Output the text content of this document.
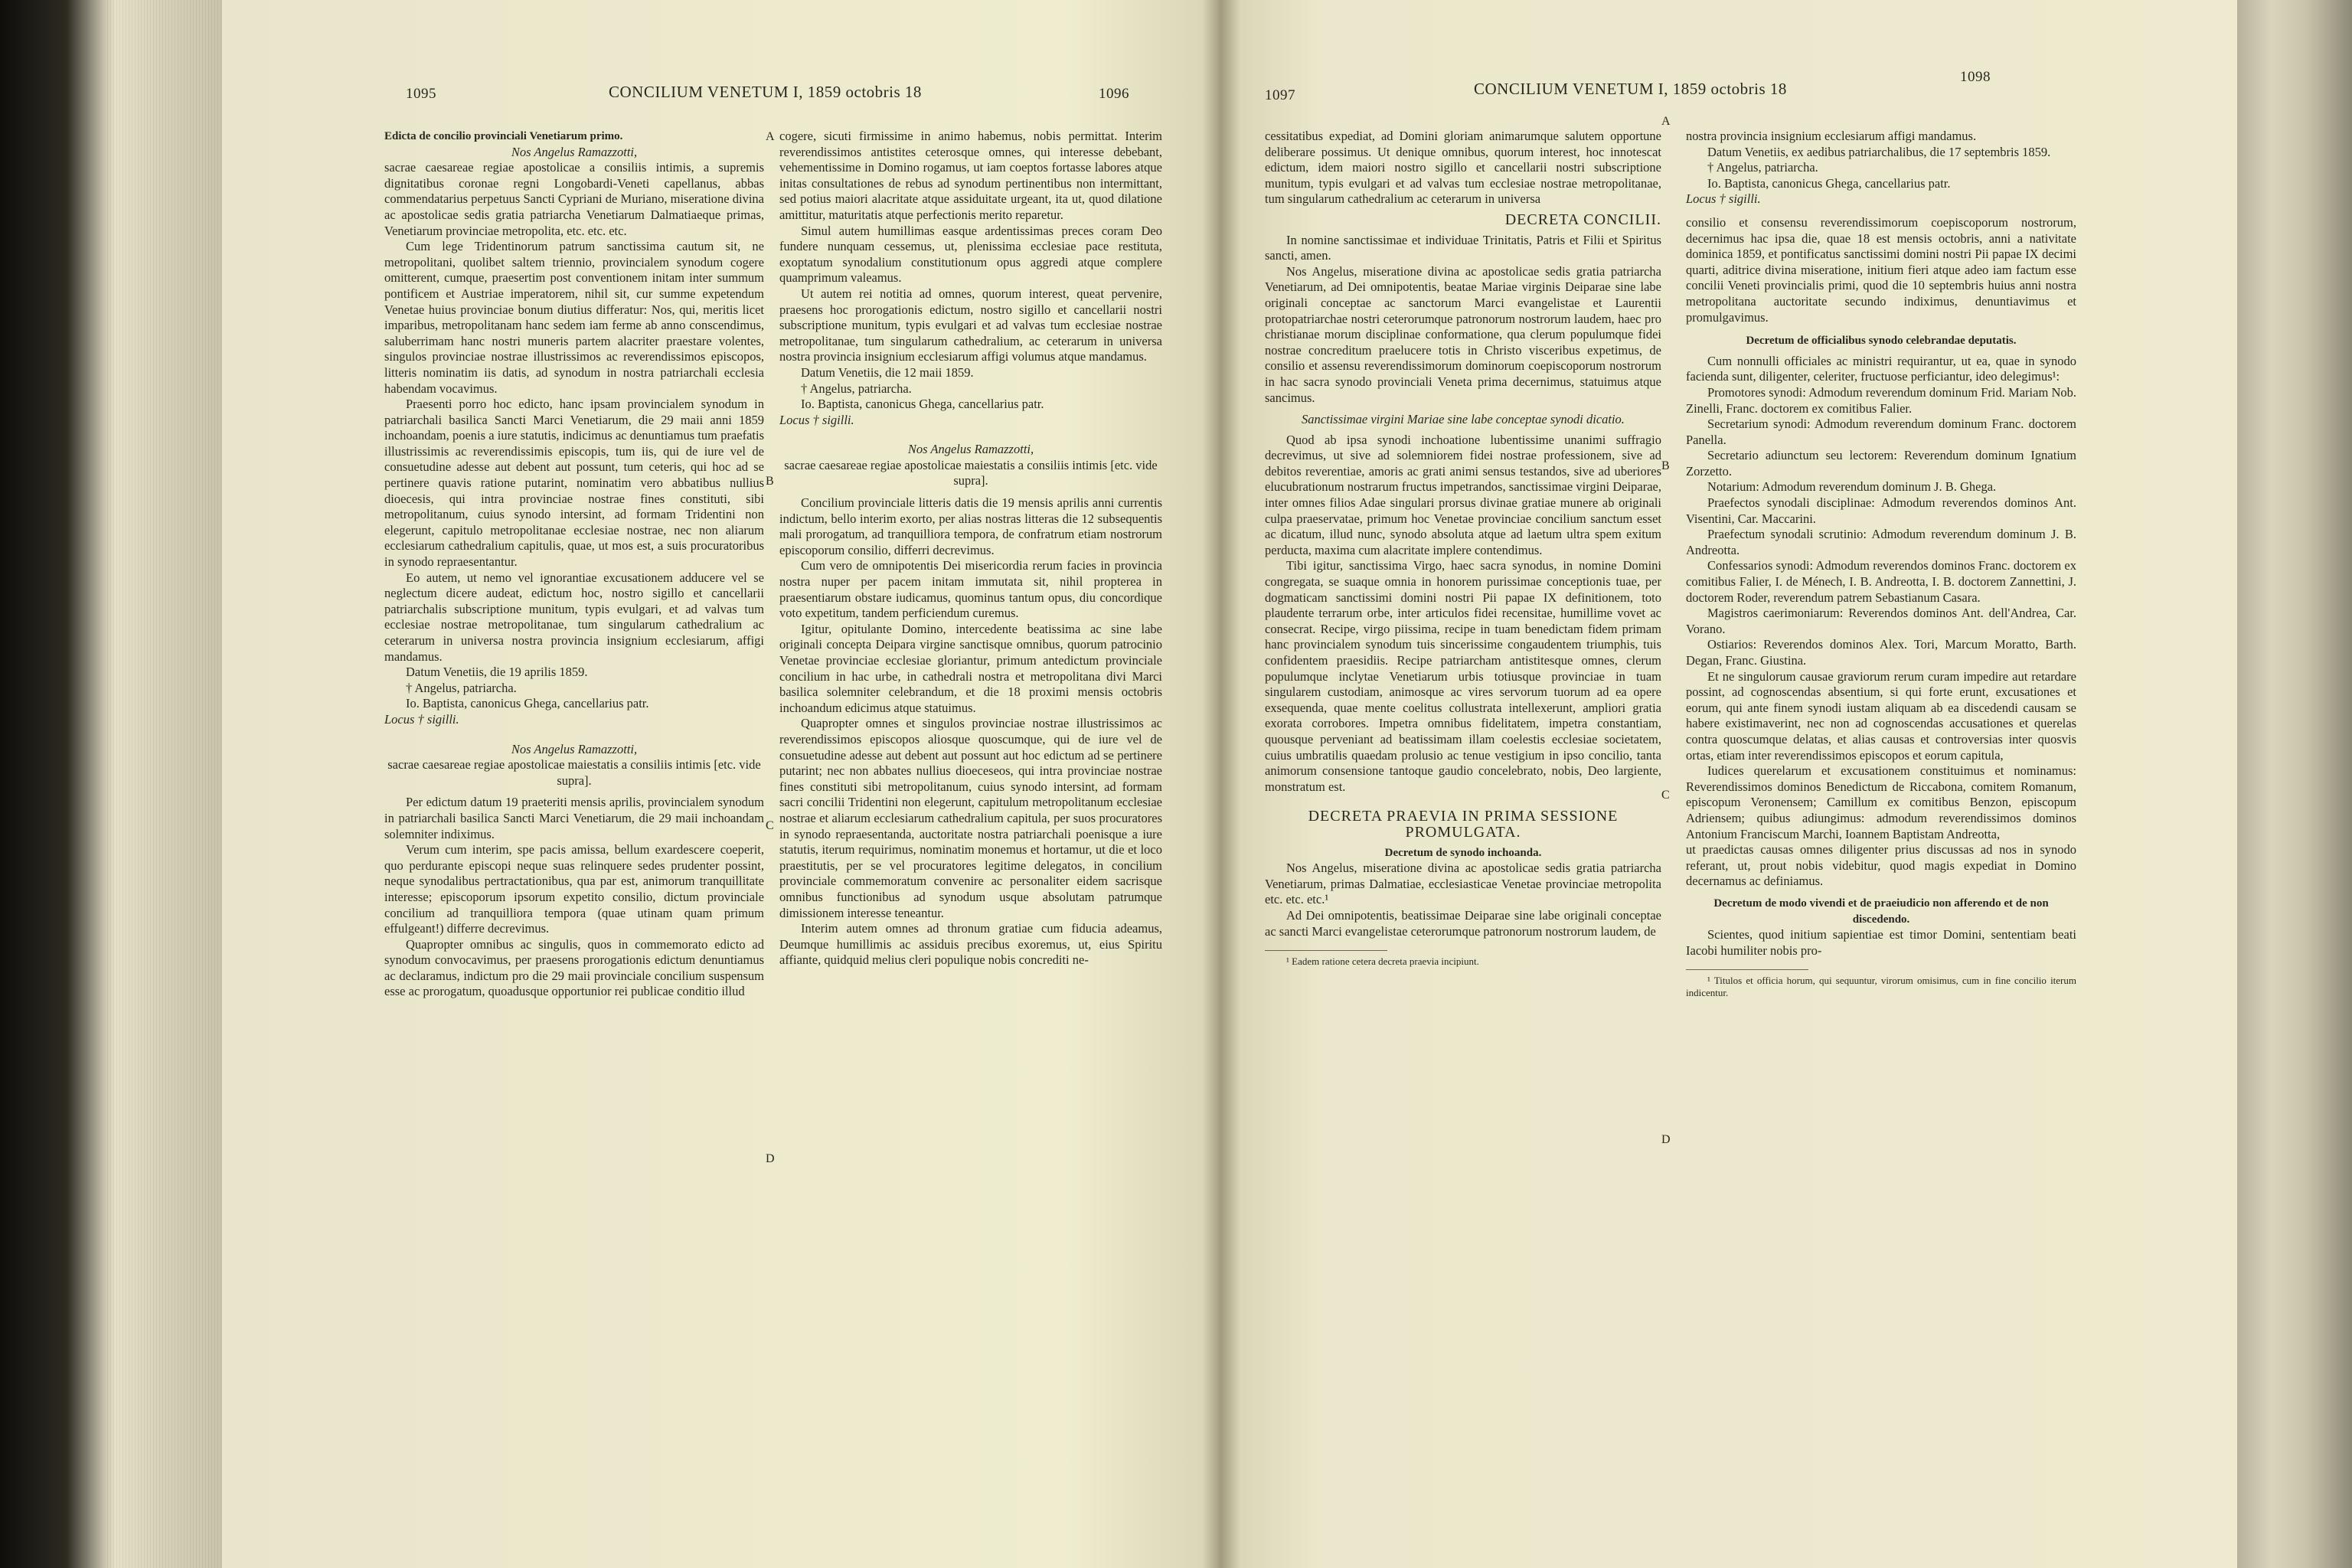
1095	CONCILIUM VENETUM I, 1859 octobris 18	1096

Edicta de concilio provinciali Venetiarum primo.

Nos Angelus Ramazzotti,

sacrae caesareae regiae apostolicae a consiliis intimis, a supremis dignitatibus coronae regni Longobardi-Veneti capellanus, abbas commendatarius perpetuus Sancti Cypriani de Muriano, miseratione divina ac apostolicae sedis gratia patriarcha Venetiarum Dalmatiaeque primas, Venetiarum provinciae metropolita, etc. etc. etc.

Cum lege Tridentinorum patrum sanctissima cautum sit, ne metropolitani, quolibet saltem triennio, provincialem synodum cogere omitterent, cumque, praesertim post conventionem initam inter summum pontificem et Austriae imperatorem, nihil sit, cur summe expetendum Venetae huius provinciae bonum diutius differatur: Nos, qui, meritis licet imparibus, metropolitanam hanc sedem iam ferme ab anno conscendimus, saluberrimam hanc nostri muneris partem alacriter praestare volentes, singulos provinciae nostrae illustrissimos ac reverendissimos episcopos, litteris nominatim iis datis, ad synodum in nostra patriarchali ecclesia habendam vocavimus.

Praesenti porro hoc edicto, hanc ipsam provincialem synodum in patriarchali basilica Sancti Marci Venetiarum, die 29 maii anni 1859 inchoandam, poenis a iure statutis, indicimus ac denuntiamus tum praefatis illustrissimis ac reverendissimis episcopis, tum iis, qui de iure vel de consuetudine adesse aut debent aut possunt, tum ceteris, qui hoc ad se pertinere quavis ratione putarint, nominatim vero abbatibus nullius dioecesis, qui intra provinciae nostrae fines constituti, sibi metropolitanum, cuius synodo intersint, ad formam Tridentini non elegerunt, capitulo metropolitanae ecclesiae nostrae, nec non aliarum ecclesiarum cathedralium capitulis, quae, ut mos est, a suis procuratoribus in synodo repraesentantur.

Eo autem, ut nemo vel ignorantiae excusationem adducere vel se neglectum dicere audeat, edictum hoc, nostro sigillo et cancellarii patriarchalis subscriptione munitum, typis evulgari, et ad valvas tum ecclesiae nostrae metropolitanae, tum singularum cathedralium ac ceterarum in universa nostra provincia insignium ecclesiarum, affigi mandamus.

Datum Venetiis, die 19 aprilis 1859.

† Angelus, patriarcha.

Io. Baptista, canonicus Ghega, cancellarius patr.

Locus † sigilli.

Nos Angelus Ramazzotti,

sacrae caesareae regiae apostolicae maiestatis a consiliis intimis [etc. vide supra].

Per edictum datum 19 praeteriti mensis aprilis, provincialem synodum in patriarchali basilica Sancti Marci Venetiarum, die 29 maii inchoandam solemniter indiximus.

Verum cum interim, spe pacis amissa, bellum exardescere coeperit, quo perdurante episcopi neque suas relinquere sedes prudenter possint, neque synodalibus pertractationibus, qua par est, animorum tranquillitate interesse; episcoporum ipsorum expetito consilio, dictum provinciale concilium ad tranquilliora tempora (quae utinam quam primum effulgeant!) differre decrevimus.

Quapropter omnibus ac singulis, quos in commemorato edicto ad synodum convocavimus, per praesens prorogationis edictum denuntiamus ac declaramus, indictum pro die 29 maii provinciale concilium suspensum esse ac prorogatum, quoadusque opportunior rei publicae conditio illud

A
B
C
D

cogere, sicuti firmissime in animo habemus, nobis permittat. Interim reverendissimos antistites ceterosque omnes, qui interesse debebant, vehementissime in Domino rogamus, ut iam coeptos fortasse labores atque initas consultationes de rebus ad synodum pertinentibus non intermittant, sed potius maiori alacritate atque assiduitate urgeant, ita ut, quod dilatione amittitur, maturitatis atque perfectionis merito reparetur.

Simul autem humillimas easque ardentissimas preces coram Deo fundere nunquam cessemus, ut, plenissima ecclesiae pace restituta, exoptatum synodalium constitutionum opus aggredi atque complere quamprimum valeamus.

Ut autem rei notitia ad omnes, quorum interest, queat pervenire, praesens hoc prorogationis edictum, nostro sigillo et cancellarii nostri subscriptione munitum, typis evulgari et ad valvas tum ecclesiae nostrae metropolitanae, tum singularum cathedralium, ac ceterarum in universa nostra provincia insignium ecclesiarum affigi volumus atque mandamus.

Datum Venetiis, die 12 maii 1859.

† Angelus, patriarcha.

Io. Baptista, canonicus Ghega, cancellarius patr.

Locus † sigilli.

Nos Angelus Ramazzotti,

sacrae caesareae regiae apostolicae maiestatis a consiliis intimis [etc. vide supra].

Concilium provinciale litteris datis die 19 mensis aprilis anni currentis indictum, bello interim exorto, per alias nostras litteras die 12 subsequentis mali prorogatum, ad tranquilliora tempora, de confratrum etiam nostrorum episcoporum consilio, differri decrevimus.

Cum vero de omnipotentis Dei misericordia rerum facies in provincia nostra nuper per pacem initam immutata sit, nihil propterea in praesentiarum obstare iudicamus, quominus tantum opus, diu concordique voto expetitum, tandem perficiendum curemus.

Igitur, opitulante Domino, intercedente beatissima ac sine labe originali concepta Deipara virgine sanctisque omnibus, quorum patrocinio Venetae provinciae ecclesiae gloriantur, primum antedictum provinciale concilium in hac urbe, in cathedrali nostra et metropolitana divi Marci basilica solemniter celebrandum, et die 18 proximi mensis octobris inchoandum edicimus atque statuimus.

Quapropter omnes et singulos provinciae nostrae illustrissimos ac reverendissimos episcopos aliosque quoscumque, qui de iure vel de consuetudine adesse aut debent aut possunt aut hoc edictum ad se pertinere putarint; nec non abbates nullius dioeceseos, qui intra provinciae nostrae fines constituti sibi metropolitanum, cuius synodo intersint, ad formam sacri concilii Tridentini non elegerunt, capitulum metropolitanum ecclesiae nostrae et aliarum ecclesiarum cathedralium capitula, per suos procuratores in synodo repraesentanda, auctoritate nostra patriarchali poenisque a iure statutis, iterum requirimus, nominatim monemus et hortamur, ut die et loco praestitutis, per se vel procuratores legitime delegatos, in concilium provinciale commemoratum convenire ac personaliter eidem sacrisque omnibus functionibus ad synodum usque absolutam patrumque dimissionem interesse teneantur.

Interim autem omnes ad thronum gratiae cum fiducia adeamus, Deumque humillimis ac assiduis precibus exoremus, ut, eius Spiritu affiante, quidquid melius cleri populique nobis concrediti ne-

1097	CONCILIUM VENETUM I, 1859 octobris 18
1098

cessitatibus expediat, ad Domini gloriam animarumque salutem opportune deliberare possimus. Ut denique omnibus, quorum interest, hoc innotescat edictum, idem maiori nostro sigillo et cancellarii nostri subscriptione munitum, typis evulgari et ad valvas tum ecclesiae nostrae metropolitanae, tum singularum cathedralium ac ceterarum in universa

DECRETA CONCILII.

In nomine sanctissimae et individuae Trinitatis, Patris et Filii et Spiritus sancti, amen.

Nos Angelus, miseratione divina ac apostolicae sedis gratia patriarcha Venetiarum, ad Dei omnipotentis, beatae Mariae virginis Deiparae sine labe originali conceptae ac sanctorum Marci evangelistae et Laurentii protopatriarchae nostri ceterorumque patronorum nostrorum laudem, haec pro christianae morum disciplinae conformatione, qua clerum populumque fidei nostrae concreditum praelucere totis in Christo visceribus expetimus, de consilio et assensu reverendissimorum dominorum coepiscoporum nostrorum in hac sacra synodo provinciali Veneta prima decernimus, statuimus atque sancimus.

Sanctissimae virgini Mariae sine labe conceptae synodi dicatio.

Quod ab ipsa synodi inchoatione lubentissime unanimi suffragio decrevimus, ut sive ad solemniorem fidei nostrae professionem, sive ad debitos reverentiae, amoris ac grati animi sensus testandos, sive ad uberiores elucubrationum nostrarum fructus impetrandos, sanctissimae virgini Deiparae, inter omnes filios Adae singulari prorsus divinae gratiae munere ab originali culpa praeservatae, primum hoc Venetae provinciae concilium sanctum esset ac dicatum, illud nunc, synodo absoluta atque ad laetum ultra spem exitum perducta, maxima cum alacritate implere contendimus.

Tibi igitur, sanctissima Virgo, haec sacra synodus, in nomine Domini congregata, se suaque omnia in honorem purissimae conceptionis tuae, per dogmaticam sanctissimi domini nostri Pii papae IX definitionem, toto plaudente terrarum orbe, inter articulos fidei recensitae, humillime vovet ac consecrat. Recipe, virgo piissima, recipe in tuam benedictam fidem primam hanc provincialem synodum tuis sincerissime congaudentem triumphis, tuis confidentem praesidiis. Recipe patriarcham antistitesque omnes, clerum populumque inclytae Venetiarum urbis totiusque provinciae in tuam singularem custodiam, animosque ac vires servorum tuorum ad ea opere exsequenda, quae mente coelitus collustrata intellexerunt, ampliori gratia exorata corrobores. Impetra omnibus fidelitatem, impetra constantiam, quousque perveniant ad beatissimam illam coelestis ecclesiae societatem, cuius umbratilis quaedam prolusio ac tenue vestigium in ipso concilio, tanta animorum consensione tantoque gaudio concelebrato, nobis, Deo largiente, monstratum est.

DECRETA PRAEVIA IN PRIMA SESSIONE PROMULGATA.

Decretum de synodo inchoanda.

Nos Angelus, miseratione divina ac apostolicae sedis gratia patriarcha Venetiarum, primas Dalmatiae, ecclesiasticae Venetae provinciae metropolita etc. etc. etc.¹

Ad Dei omnipotentis, beatissimae Deiparae sine labe originali conceptae ac sancti Marci evangelistae ceterorumque patronorum nostrorum laudem, de

¹ Eadem ratione cetera decreta praevia incipiunt.

nostra provincia insignium ecclesiarum affigi mandamus.

Datum Venetiis, ex aedibus patriarchalibus, die 17 septembris 1859.

† Angelus, patriarcha.

Io. Baptista, canonicus Ghega, cancellarius patr.

Locus † sigilli.

consilio et consensu reverendissimorum coepiscoporum nostrorum, decernimus hac ipsa die, quae 18 est mensis octobris, anni a nativitate dominica 1859, et pontificatus sanctissimi domini nostri Pii papae IX decimi quarti, aditrice divina miseratione, initium fieri atque adeo iam factum esse concilii Veneti provincialis primi, quod die 10 septembris huius anni nostra metropolitana auctoritate secundo indiximus, denuntiavimus et promulgavimus.

Decretum de officialibus synodo celebrandae deputatis.

Cum nonnulli officiales ac ministri requirantur, ut ea, quae in synodo facienda sunt, diligenter, celeriter, fructuose perficiantur, ideo delegimus¹:

Promotores synodi: Admodum reverendum dominum Frid. Mariam Nob. Zinelli, Franc. doctorem ex comitibus Falier.

Secretarium synodi: Admodum reverendum dominum Franc. doctorem Panella.

Secretario adiunctum seu lectorem: Reverendum dominum Ignatium Zorzetto.

Notarium: Admodum reverendum dominum J. B. Ghega.

Praefectos synodali disciplinae: Admodum reverendos dominos Ant. Visentini, Car. Maccarini.

Praefectum synodali scrutinio: Admodum reverendum dominum J. B. Andreotta.

Confessarios synodi: Admodum reverendos dominos Franc. doctorem ex comitibus Falier, I. de Ménech, I. B. Andreotta, I. B. doctorem Zannettini, J. doctorem Roder, reverendum patrem Sebastianum Casara.

Magistros caerimoniarum: Reverendos dominos Ant. dell'Andrea, Car. Vorano.

Ostiarios: Reverendos dominos Alex. Tori, Marcum Moratto, Barth. Degan, Franc. Giustina.

Et ne singulorum causae graviorum rerum curam impedire aut retardare possint, ad cognoscendas absentium, si qui forte erunt, excusationes et eorum, qui ante finem synodi iustam aliquam ab ea discedendi causam se habere existimaverint, nec non ad cognoscendas accusationes et querelas contra quoscumque delatas, et alias causas et controversias inter quosvis ortas, etiam inter reverendissimos episcopos et eorum capitula,

Iudices querelarum et excusationem constituimus et nominamus: Reverendissimos dominos Benedictum de Riccabona, comitem Romanum, episcopum Veronensem; Camillum ex comitibus Benzon, episcopum Adriensem; quibus adiungimus: admodum reverendissimos dominos Antonium Franciscum Marchi, Ioannem Baptistam Andreotta,

ut praedictas causas omnes diligenter prius discussas ad nos in synodo referant, ut, prout nobis videbitur, quod magis expediat in Domino decernamus ac definiamus.

Decretum de modo vivendi et de praeiudicio non afferendo et de non discedendo.

Scientes, quod initium sapientiae est timor Domini, sententiam beati Iacobi humiliter nobis pro-

¹ Titulos et officia horum, qui sequuntur, virorum omisimus, cum in fine concilio iterum indicentur.

A
B
C
D
